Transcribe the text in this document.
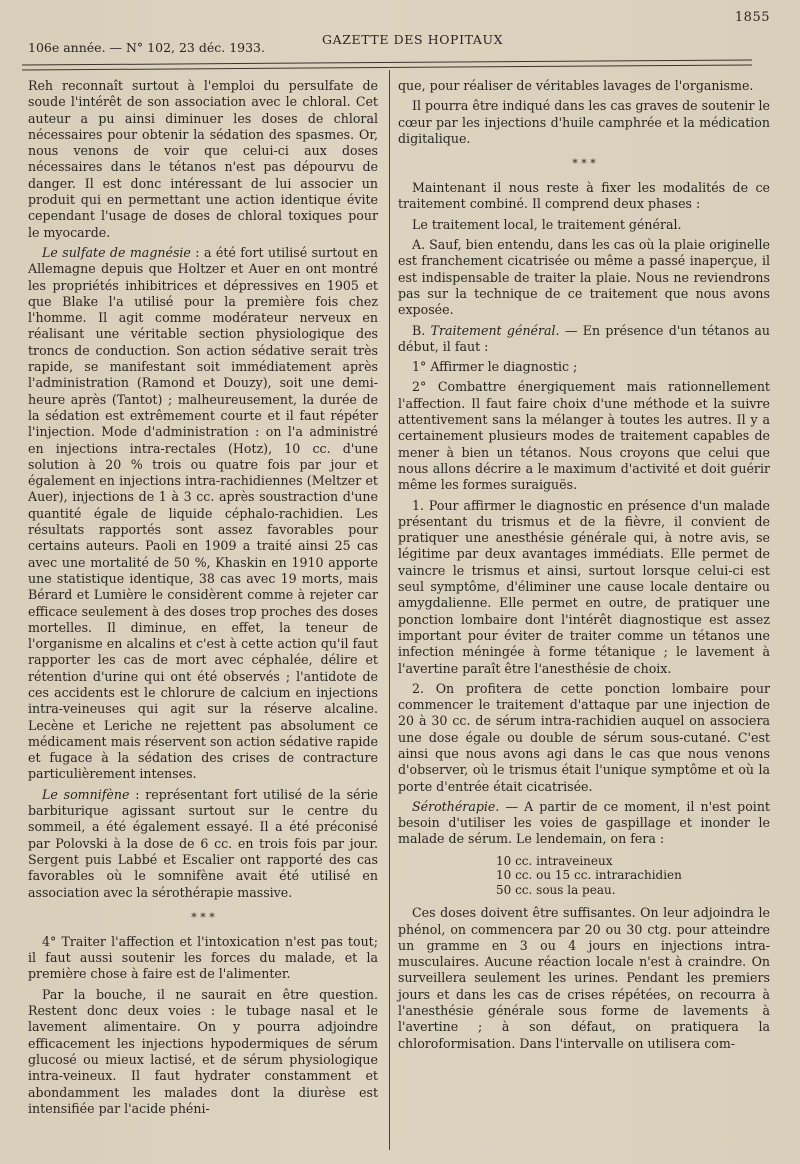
1855
106e année. — N° 102, 23 déc. 1933.
GAZETTE DES HOPITAUX

Reh reconnaît surtout à l'emploi du persulfate de soude l'intérêt de son association avec le chloral. Cet auteur a pu ainsi diminuer les doses de chloral nécessaires pour obtenir la sédation des spasmes. Or, nous venons de voir que celui-ci aux doses nécessaires dans le tétanos n'est pas dépourvu de danger. Il est donc intéressant de lui associer un produit qui en permettant une action identique évite cependant l'usage de doses de chloral toxiques pour le myocarde.

Le sulfate de magnésie : a été fort utilisé surtout en Allemagne depuis que Holtzer et Auer en ont montré les propriétés inhibitrices et dépressives en 1905 et que Blake l'a utilisé pour la première fois chez l'homme. Il agit comme modérateur nerveux en réalisant une véritable section physiologique des troncs de conduction. Son action sédative serait très rapide, se manifestant soit immédiatement après l'administration (Ramond et Douzy), soit une demi-heure après (Tantot) ; malheureusement, la durée de la sédation est extrêmement courte et il faut répéter l'injection. Mode d'administration : on l'a administré en injections intra-rectales (Hotz), 10 cc. d'une solution à 20 % trois ou quatre fois par jour et également en injections intra-rachidiennes (Meltzer et Auer), injections de 1 à 3 cc. après soustraction d'une quantité égale de liquide céphalo-rachidien. Les résultats rapportés sont assez favorables pour certains auteurs. Paoli en 1909 a traité ainsi 25 cas avec une mortalité de 50 %, Khaskin en 1910 apporte une statistique identique, 38 cas avec 19 morts, mais Bérard et Lumière le considèrent comme à rejeter car efficace seulement à des doses trop proches des doses mortelles. Il diminue, en effet, la teneur de l'organisme en alcalins et c'est à cette action qu'il faut rapporter les cas de mort avec céphalée, délire et rétention d'urine qui ont été observés ; l'antidote de ces accidents est le chlorure de calcium en injections intra-veineuses qui agit sur la réserve alcaline. Lecène et Leriche ne rejettent pas absolument ce médicament mais réservent son action sédative rapide et fugace à la sédation des crises de contracture particulièrement intenses.

Le somnifène : représentant fort utilisé de la série barbiturique agissant surtout sur le centre du sommeil, a été également essayé. Il a été préconisé par Polovski à la dose de 6 cc. en trois fois par jour. Sergent puis Labbé et Escalier ont rapporté des cas favorables où le somnifène avait été utilisé en association avec la sérothérapie massive.

* * *

4° Traiter l'affection et l'intoxication n'est pas tout; il faut aussi soutenir les forces du malade, et la première chose à faire est de l'alimenter.

Par la bouche, il ne saurait en être question. Restent donc deux voies : le tubage nasal et le lavement alimentaire. On y pourra adjoindre efficacement les injections hypodermiques de sérum glucosé ou mieux lactisé, et de sérum physiologique intra-veineux. Il faut hydrater constamment et abondamment les malades dont la diurèse est intensifiée par l'acide phéni-

que, pour réaliser de véritables lavages de l'organisme.

Il pourra être indiqué dans les cas graves de soutenir le cœur par les injections d'huile camphrée et la médication digitalique.

* * *

Maintenant il nous reste à fixer les modalités de ce traitement combiné. Il comprend deux phases :

Le traitement local, le traitement général.

A. Sauf, bien entendu, dans les cas où la plaie originelle est franchement cicatrisée ou même a passé inaperçue, il est indispensable de traiter la plaie. Nous ne reviendrons pas sur la technique de ce traitement que nous avons exposée.

B. Traitement général. — En présence d'un tétanos au début, il faut :

1° Affirmer le diagnostic ;

2° Combattre énergiquement mais rationnellement l'affection. Il faut faire choix d'une méthode et la suivre attentivement sans la mélanger à toutes les autres. Il y a certainement plusieurs modes de traitement capables de mener à bien un tétanos. Nous croyons que celui que nous allons décrire a le maximum d'activité et doit guérir même les formes suraiguës.

1. Pour affirmer le diagnostic en présence d'un malade présentant du trismus et de la fièvre, il convient de pratiquer une anesthésie générale qui, à notre avis, se légitime par deux avantages immédiats. Elle permet de vaincre le trismus et ainsi, surtout lorsque celui-ci est seul symptôme, d'éliminer une cause locale dentaire ou amygdalienne. Elle permet en outre, de pratiquer une ponction lombaire dont l'intérêt diagnostique est assez important pour éviter de traiter comme un tétanos une infection méningée à forme tétanique ; le lavement à l'avertine paraît être l'anesthésie de choix.

2. On profitera de cette ponction lombaire pour commencer le traitement d'attaque par une injection de 20 à 30 cc. de sérum intra-rachidien auquel on associera une dose égale ou double de sérum sous-cutané. C'est ainsi que nous avons agi dans le cas que nous venons d'observer, où le trismus était l'unique symptôme et où la porte d'entrée était cicatrisée.

Sérothérapie. — A partir de ce moment, il n'est point besoin d'utiliser les voies de gaspillage et inonder le malade de sérum. Le lendemain, on fera :

10 cc. intraveineux
10 cc. ou 15 cc. intrarachidien
50 cc. sous la peau.

Ces doses doivent être suffisantes. On leur adjoindra le phénol, on commencera par 20 ou 30 ctg. pour atteindre un gramme en 3 ou 4 jours en injections intra-musculaires. Aucune réaction locale n'est à craindre. On surveillera seulement les urines. Pendant les premiers jours et dans les cas de crises répétées, on recourra à l'anesthésie générale sous forme de lavements à l'avertine ; à son défaut, on pratiquera la chloroformisation. Dans l'intervalle on utilisera com-
